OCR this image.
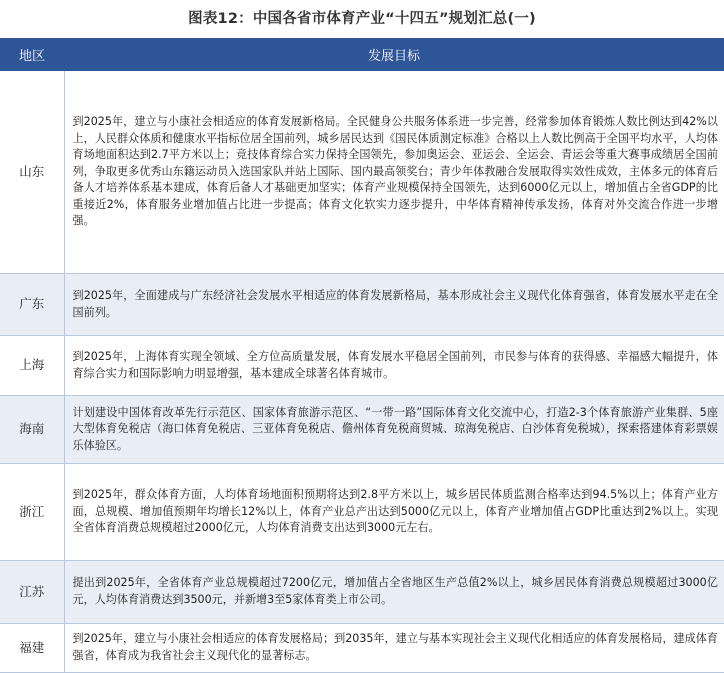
图表12：中国各省市体育产业“十四五”规划汇总(一)
地区	发展目标
山东	到2025年，建立与小康社会相适应的体育发展新格局。全民健身公共服务体系进一步完善，经常参加体育锻炼人数比例达到42%以上，人民群众体质和健康水平指标位居全国前列，城乡居民达到《国民体质测定标准》合格以上人数比例高于全国平均水平，人均体育场地面积达到2.7平方米以上；竞技体育综合实力保持全国领先，参加奥运会、亚运会、全运会、青运会等重大赛事成绩居全国前列，争取更多优秀山东籍运动员入选国家队并站上国际、国内最高领奖台；青少年体教融合发展取得实效性成效，主体多元的体育后备人才培养体系基本建成，体育后备人才基础更加坚实；体育产业规模保持全国领先，达到6000亿元以上，增加值占全省GDP的比重接近2%，体育服务业增加值占比进一步提高；体育文化软实力逐步提升，中华体育精神传承发扬，体育对外交流合作进一步增强。
广东	到2025年，全面建成与广东经济社会发展水平相适应的体育发展新格局，基本形成社会主义现代化体育强省，体育发展水平走在全国前列。
上海	到2025年，上海体育实现全领域、全方位高质量发展，体育发展水平稳居全国前列，市民参与体育的获得感、幸福感大幅提升，体育综合实力和国际影响力明显增强，基本建成全球著名体育城市。
海南	计划建设中国体育改革先行示范区、国家体育旅游示范区、“一带一路”国际体育文化交流中心，打造2-3个体育旅游产业集群、5座大型体育免税店（海口体育免税店、三亚体育免税店、儋州体育免税商贸城、琼海免税店、白沙体育免税城），探索搭建体育彩票娱乐体验区。
浙江	到2025年，群众体育方面，人均体育场地面积预期将达到2.8平方米以上，城乡居民体质监测合格率达到94.5%以上；体育产业方面，总规模、增加值预期年均增长12%以上，体育产业总产出达到5000亿元以上，体育产业增加值占GDP比重达到2%以上。实现全省体育消费总规模超过2000亿元，人均体育消费支出达到3000元左右。
江苏	提出到2025年，全省体育产业总规模超过7200亿元，增加值占全省地区生产总值2%以上，城乡居民体育消费总规模超过3000亿元，人均体育消费达到3500元，并新增3至5家体育类上市公司。
福建	到2025年，建立与小康社会相适应的体育发展格局；到2035年，建立与基本实现社会主义现代化相适应的体育发展格局，建成体育强省，体育成为我省社会主义现代化的显著标志。
